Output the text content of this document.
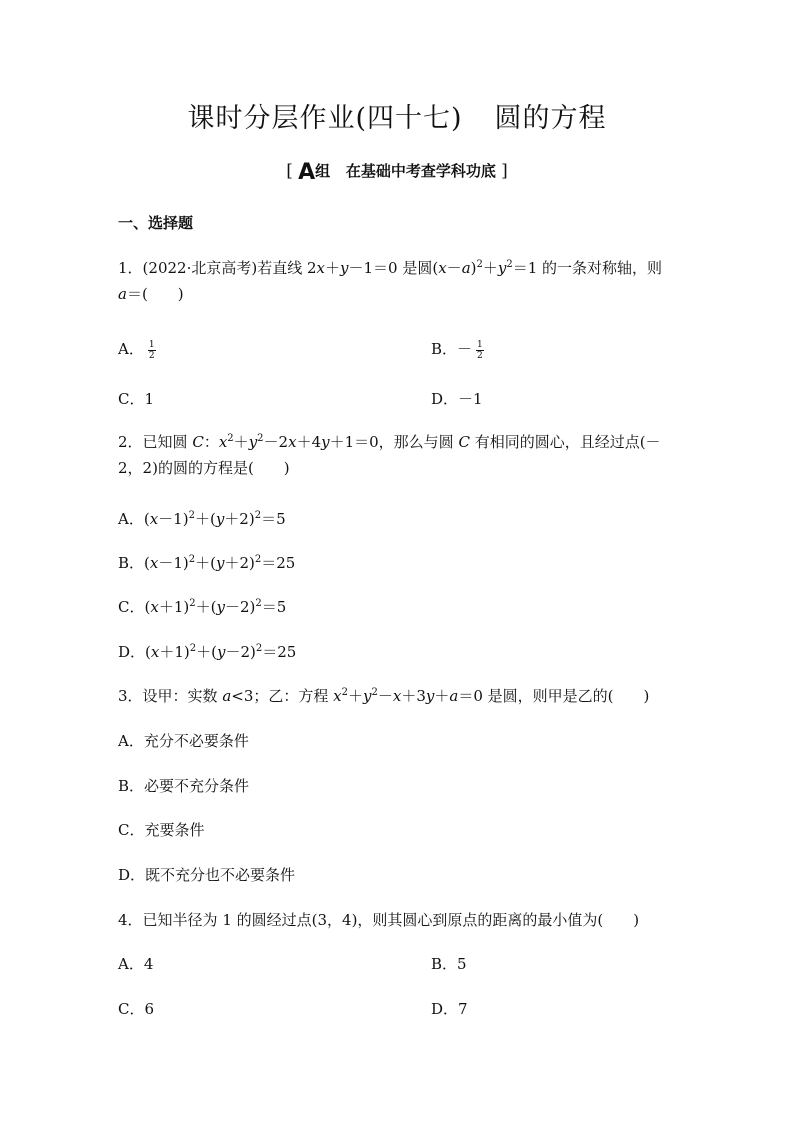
课时分层作业(四十七) 圆的方程
[ A组 在基础中考查学科功底 ]
一、选择题
1．(2022·北京高考)若直线 2x＋y－1＝0 是圆$(x-a)^2+y^2=1$ 的一条对称轴，则
a＝(　　)
A． $\frac{1}{2}$	B．－ $\frac{1}{2}$
C．1	D．－1
2．已知圆 C：$x^2+y^2-2x+4y+1=0$，那么与圆 C 有相同的圆心，且经过点(－
2，2)的圆的方程是(　　)
A．$(x-1)^2+(y+2)^2=5$
B．$(x-1)^2+(y+2)^2=25$
C．$(x+1)^2+(y-2)^2=5$
D．$(x+1)^2+(y-2)^2=25$
3．设甲：实数 a<3；乙：方程 $x^2+y^2-x+3y+a=0$ 是圆，则甲是乙的(　　)
A．充分不必要条件
B．必要不充分条件
C．充要条件
D．既不充分也不必要条件
4．已知半径为 1 的圆经过点(3，4)，则其圆心到原点的距离的最小值为(　　)
A．4	B．5
C．6	D．7
